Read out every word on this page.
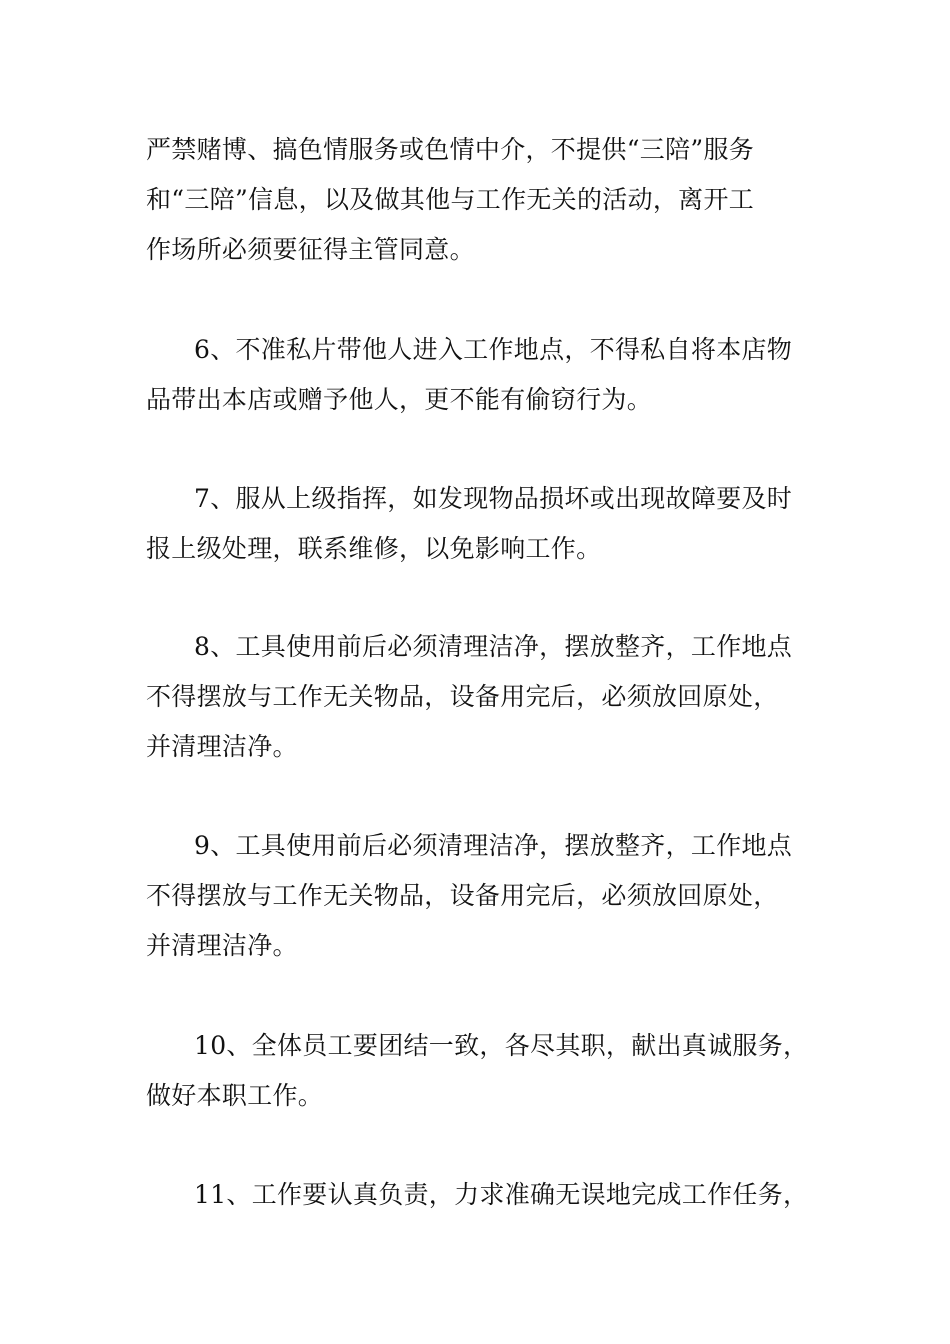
严禁赌博、搞色情服务或色情中介，不提供“三陪”服务
和“三陪”信息，以及做其他与工作无关的活动，离开工
作场所必须要征得主管同意。
6、不准私片带他人进入工作地点，不得私自将本店物
品带出本店或赠予他人，更不能有偷窃行为。
7、服从上级指挥，如发现物品损坏或出现故障要及时
报上级处理，联系维修，以免影响工作。
8、工具使用前后必须清理洁净，摆放整齐，工作地点
不得摆放与工作无关物品，设备用完后，必须放回原处，
并清理洁净。
9、工具使用前后必须清理洁净，摆放整齐，工作地点
不得摆放与工作无关物品，设备用完后，必须放回原处，
并清理洁净。
10、全体员工要团结一致，各尽其职，献出真诚服务，
做好本职工作。
11、工作要认真负责，力求准确无误地完成工作任务，
